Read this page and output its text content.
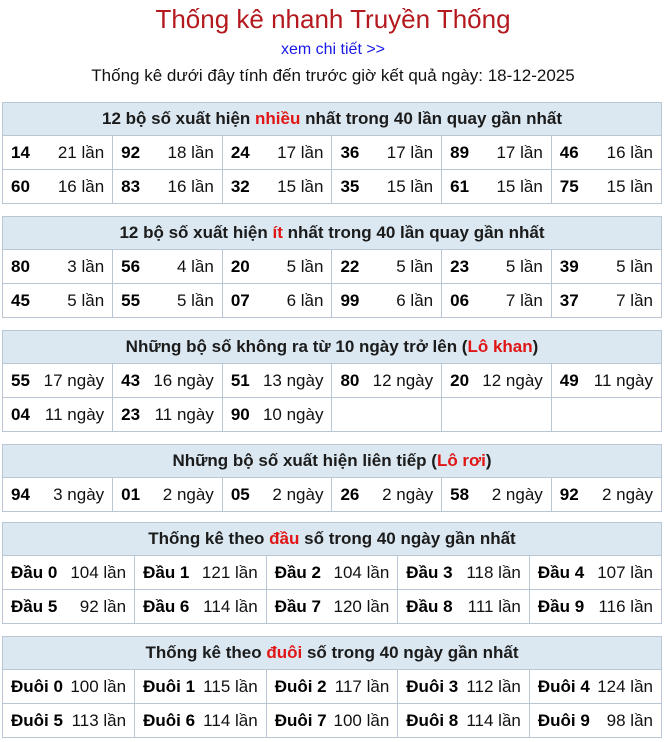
Thống kê nhanh Truyền Thống
xem chi tiết >>
Thống kê dưới đây tính đến trước giờ kết quả ngày: 18-12-2025
12 bộ số xuất hiện nhiều nhất trong 40 lần quay gần nhất
14 21 lần	92 18 lần	24 17 lần	36 17 lần	89 17 lần	46 16 lần

60 16 lần	83 16 lần	32 15 lần	35 15 lần	61 15 lần	75 15 lần
12 bộ số xuất hiện ít nhất trong 40 lần quay gần nhất
80 3 lần	56 4 lần	20 5 lần	22 5 lần	23 5 lần	39 5 lần

45 5 lần	55 5 lần	07 6 lần	99 6 lần	06 7 lần	37 7 lần
Những bộ số không ra từ 10 ngày trở lên (Lô khan)
55 17 ngày	43 16 ngày	51 13 ngày	80 12 ngày	20 12 ngày	49 11 ngày

04 11 ngày	23 11 ngày	90 10 ngày			

Những bộ số xuất hiện liên tiếp (Lô rơi)
94 3 ngày	01 2 ngày	05 2 ngày	26 2 ngày	58 2 ngày	92 2 ngày
Thống kê theo đầu số trong 40 ngày gần nhất
Đầu 0 104 lần	Đầu 1 121 lần	Đầu 2 104 lần	Đầu 3 118 lần	Đầu 4 107 lần

Đầu 5 92 lần	Đầu 6 114 lần	Đầu 7 120 lần	Đầu 8 111 lần	Đầu 9 116 lần
Thống kê theo đuôi số trong 40 ngày gần nhất
Đuôi 0 100 lần	Đuôi 1 115 lần	Đuôi 2 117 lần	Đuôi 3 112 lần	Đuôi 4 124 lần

Đuôi 5 113 lần	Đuôi 6 114 lần	Đuôi 7 100 lần	Đuôi 8 114 lần	Đuôi 9 98 lần
